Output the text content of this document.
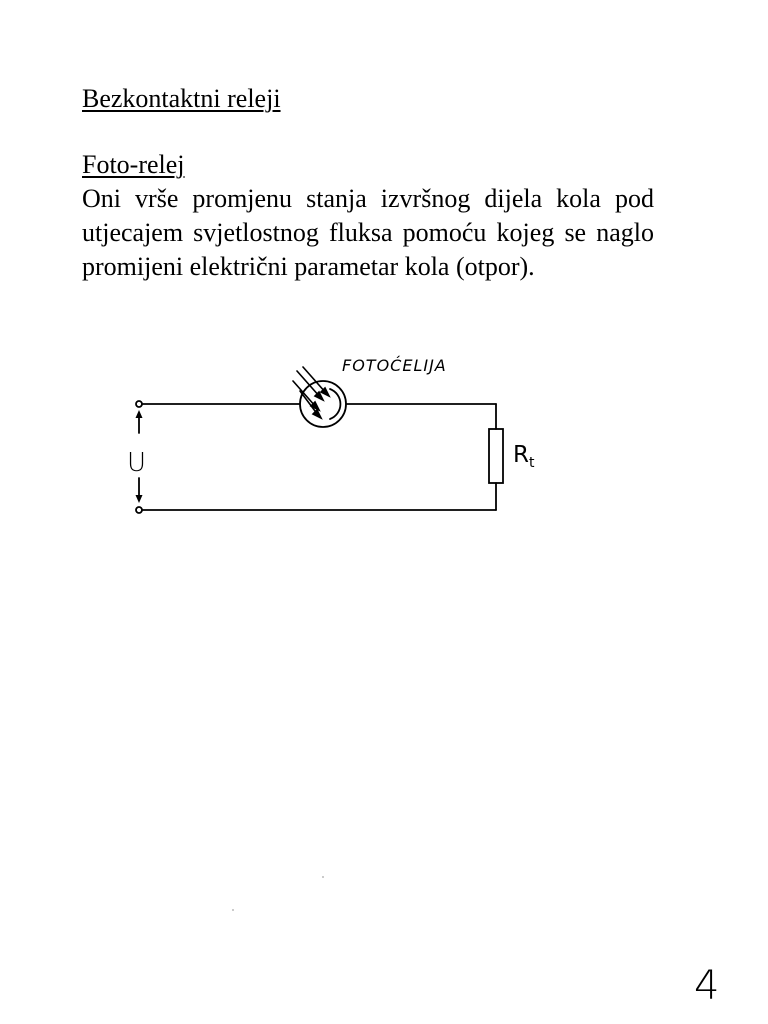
Bezkontaktni releji
Foto-relej

Oni vrše promjenu stanja izvršnog dijela kola pod utjecajem svjetlostnog fluksa pomoću kojeg se naglo promijeni električni parametar kola (otpor).

FOTOĆELIJA
U	$R_t$
4
